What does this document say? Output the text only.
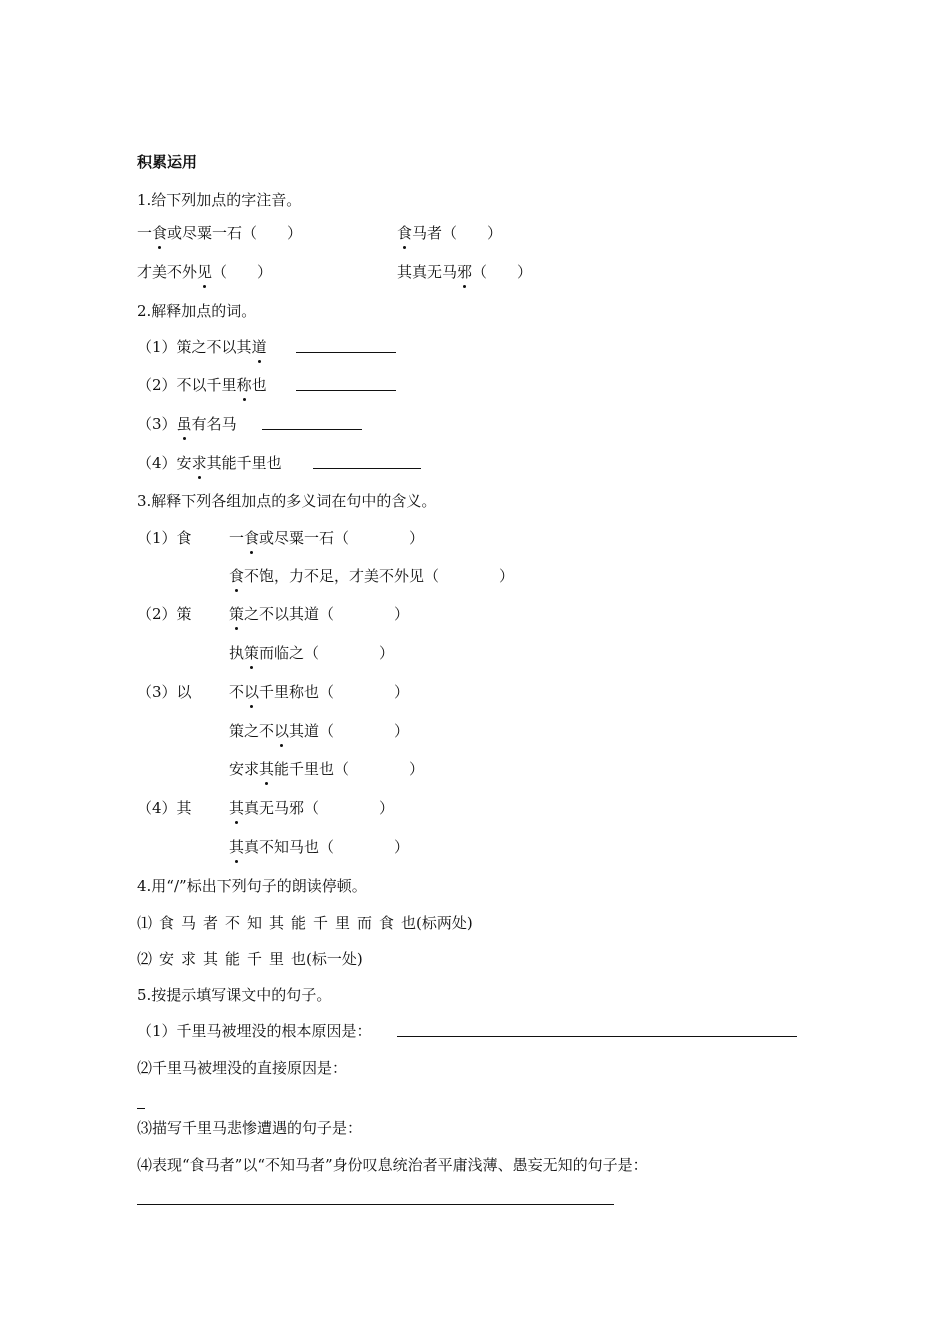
积累运用
1.给下列加点的字注音。
一食或尽粟一石（　　）	食马者（　　）
才美不外见（　　）	其真无马邪（　　）
2.解释加点的词。
（1）策之不以其道
（2）不以千里称也
（3）虽有名马
（4）安求其能千里也
3.解释下列各组加点的多义词在句中的含义。
（1）食 一食或尽粟一石（　　　　）
食不饱，力不足，才美不外见（　　　　）
（2）策 策之不以其道（　　　　）
执策而临之（　　　　）
（3）以 不以千里称也（　　　　）
策之不以其道（　　　　）
安求其能千里也（　　　　）
（4）其 其真无马邪（　　　　）
其真不知马也（　　　　）
4.用“/”标出下列句子的朗读停顿。
⑴食马者不知其能千里而食也(标两处)
⑵安求其能千里也(标一处)
5.按提示填写课文中的句子。
（1）千里马被埋没的根本原因是：
⑵千里马被埋没的直接原因是：
⑶描写千里马悲惨遭遇的句子是：
⑷表现“食马者”以“不知马者”身份叹息统治者平庸浅薄、愚妄无知的句子是：
